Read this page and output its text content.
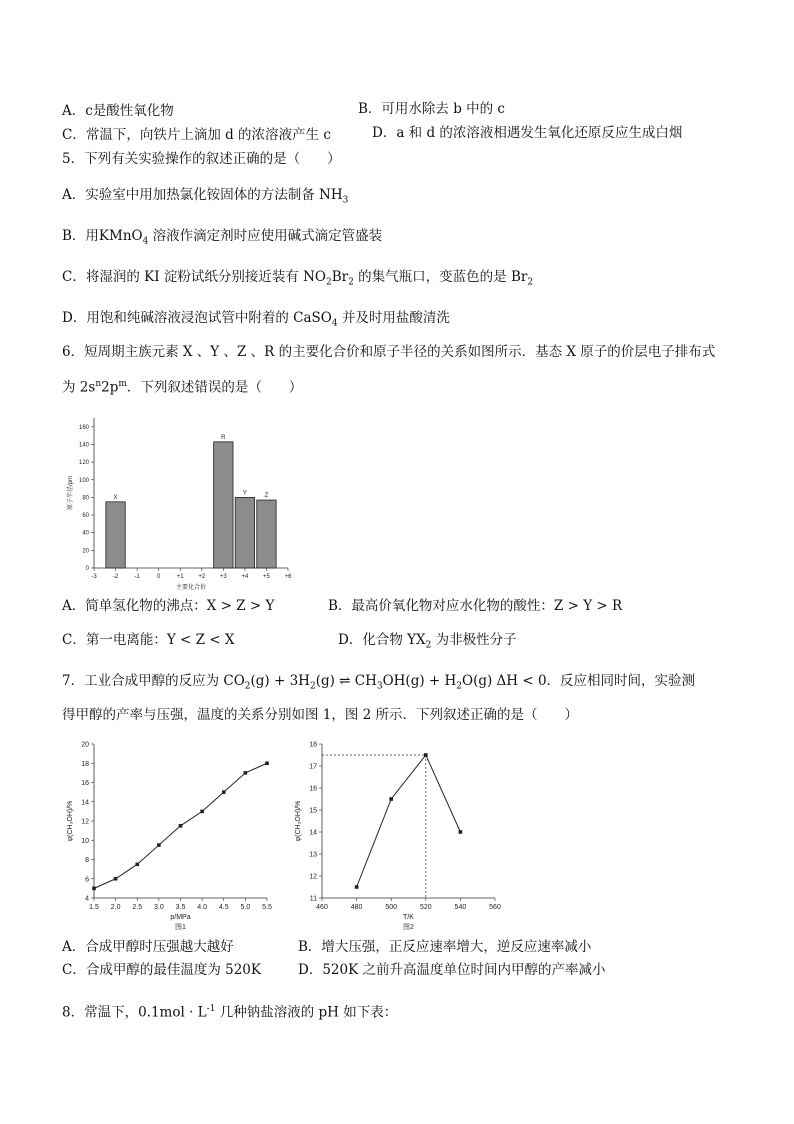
A．c是酸性氧化物	B．可用水除去 b 中的 c
C．常温下，向铁片上滴加 d 的浓溶液产生 c	D．a 和 d 的浓溶液相遇发生氧化还原反应生成白烟
5．下列有关实验操作的叙述正确的是（　　）
A．实验室中用加热氯化铵固体的方法制备 $NH_3$
B．用KMnO$_4$ 溶液作滴定剂时应使用碱式滴定管盛装
C．将湿润的 KI 淀粉试纸分别接近装有 $NO_2Br_2$ 的集气瓶口，变蓝色的是 $Br_2$
D．用饱和纯碱溶液浸泡试管中附着的 CaSO$_4$ 并及时用盐酸清洗
6．短周期主族元素 X 、Y 、Z 、R 的主要化合价和原子半径的关系如图所示．基态 X 原子的价层电子排布式
为 $2s^n2p^m$．下列叙述错误的是（　　）
0
20
40
60
80
100
120
140
160
-3	-2	-1	0	+1 +2 +3 +4 +5 +6
X
R
Y	Z
主要化合价
原子半径/pm
A．简单氢化物的沸点：X > Z > Y	B．最高价氧化物对应水化物的酸性：Z > Y > R
C．第一电离能：Y < Z < X	D．化合物 $YX_2$ 为非极性分子
7．工业合成甲醇的反应为 $CO_2(g) + 3H_2(g)$ ⇌ $CH_3OH(g) + H_2O(g) \Delta H < 0$．反应相同时间，实验测
得甲醇的产率与压强，温度的关系分别如图 1，图 2 所示．下列叙述正确的是（　　）
4
6
8
10
12
14
16
18
20
1.5 2.0 2.5 3.0 3.5 4.0 4.5 5.0 5.5
p/MPa
图1
φ(CH₃OH)/%
11
12
13
14
15
16
17
18
460	480	500	520	540	560
T/K
图2
φ(CH₃OH)/%
A．合成甲醇时压强越大越好	B．增大压强，正反应速率增大，逆反应速率减小
C．合成甲醇的最佳温度为 520K	D．520K 之前升高温度单位时间内甲醇的产率减小
8．常温下，$0.1mol \cdot L^{-1}$ 几种钠盐溶液的 pH 如下表：
